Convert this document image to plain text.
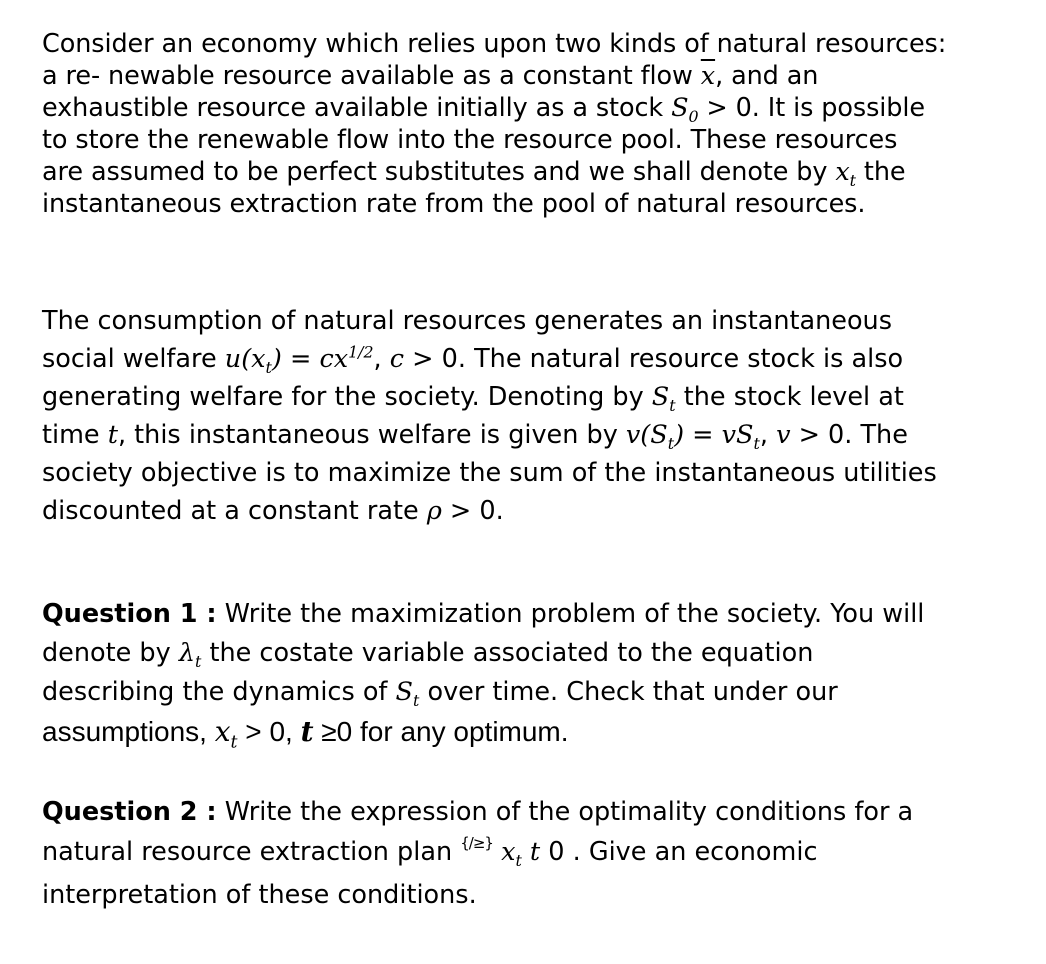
Consider an economy which relies upon two kinds of natural resources:
a re- newable resource available as a constant flow $\overline{x}$, and an
exhaustible resource available initially as a stock $S_0 > 0$. It is possible
to store the renewable flow into the resource pool. These resources
are assumed to be perfect substitutes and we shall denote by $x_t$ the
instantaneous extraction rate from the pool of natural resources.
The consumption of natural resources generates an instantaneous
social welfare $u(x_t) = cx^{1/2}$, c > 0. The natural resource stock is also
generating welfare for the society. Denoting by $S_t$ the stock level at
time t, this instantaneous welfare is given by $v(S_t) = vS_t$, v > 0. The
society objective is to maximize the sum of the instantaneous utilities
discounted at a constant rate ρ > 0.
Question 1 : Write the maximization problem of the society. You will
denote by $\lambda_t$ the costate variable associated to the equation
describing the dynamics of $S_t$ over time. Check that under our
assumptions, $x_t > 0$, t ≥0 for any optimum.
Question 2 : Write the expression of the optimality conditions for a
natural resource extraction plan {/≥} $x_t$ t 0 . Give an economic
interpretation of these conditions.
